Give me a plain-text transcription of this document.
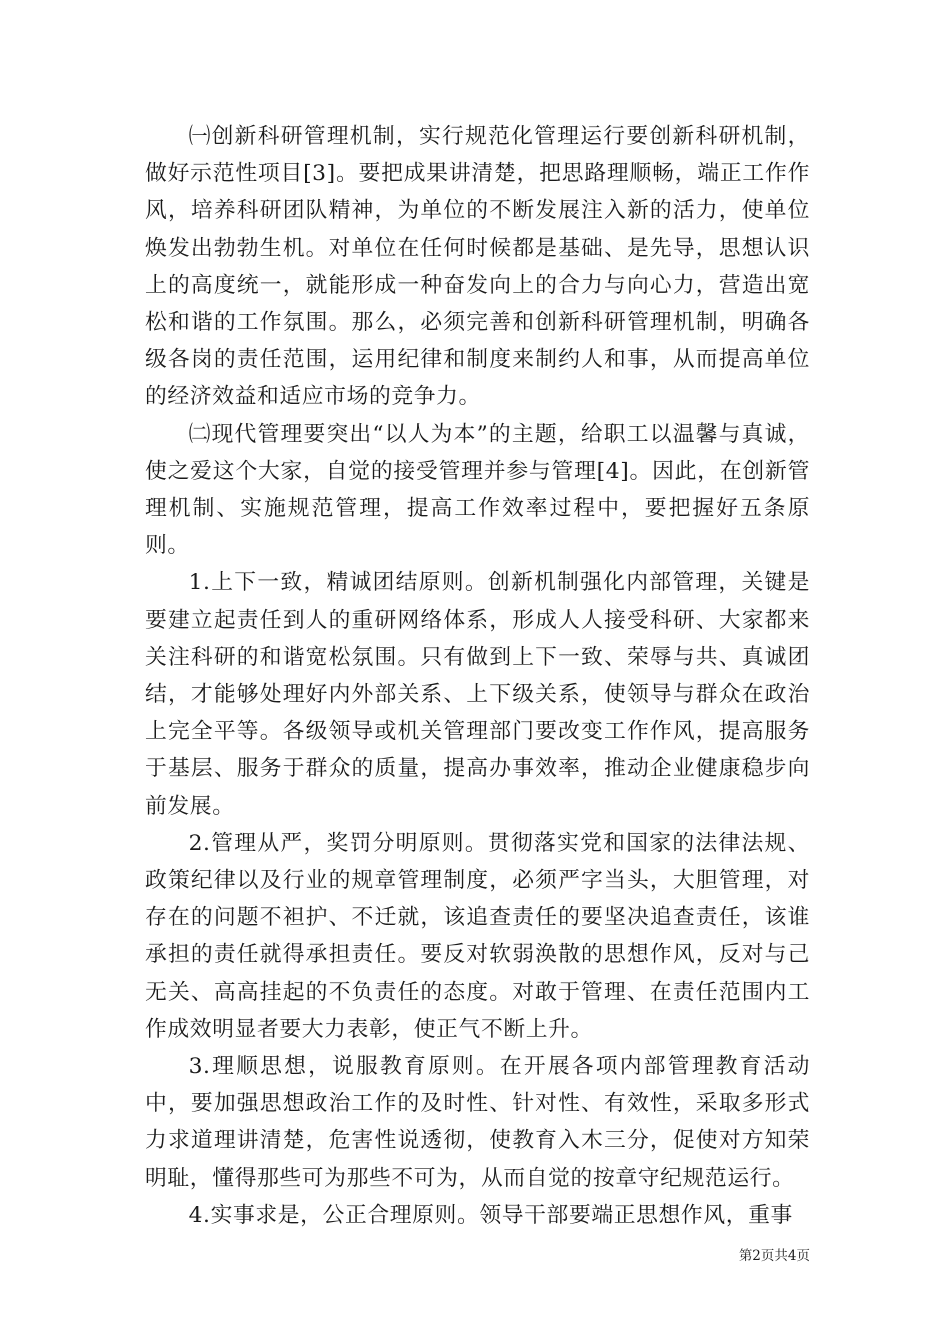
㈠创新科研管理机制，实行规范化管理运行要创新科研机制，做好示范性项目[3]。要把成果讲清楚，把思路理顺畅，端正工作作风，培养科研团队精神，为单位的不断发展注入新的活力，使单位焕发出勃勃生机。对单位在任何时候都是基础、是先导，思想认识上的高度统一，就能形成一种奋发向上的合力与向心力，营造出宽松和谐的工作氛围。那么，必须完善和创新科研管理机制，明确各级各岗的责任范围，运用纪律和制度来制约人和事，从而提高单位的经济效益和适应市场的竞争力。

㈡现代管理要突出“以人为本”的主题，给职工以温馨与真诚，使之爱这个大家，自觉的接受管理并参与管理[4]。因此，在创新管理机制、实施规范管理，提高工作效率过程中，要把握好五条原则。

1.上下一致，精诚团结原则。创新机制强化内部管理，关键是要建立起责任到人的重研网络体系，形成人人接受科研、大家都来关注科研的和谐宽松氛围。只有做到上下一致、荣辱与共、真诚团结，才能够处理好内外部关系、上下级关系，使领导与群众在政治上完全平等。各级领导或机关管理部门要改变工作作风，提高服务于基层、服务于群众的质量，提高办事效率，推动企业健康稳步向前发展。

2.管理从严，奖罚分明原则。贯彻落实党和国家的法律法规、政策纪律以及行业的规章管理制度，必须严字当头，大胆管理，对存在的问题不袒护、不迁就，该追查责任的要坚决追查责任，该谁承担的责任就得承担责任。要反对软弱涣散的思想作风，反对与己无关、高高挂起的不负责任的态度。对敢于管理、在责任范围内工作成效明显者要大力表彰，使正气不断上升。

3.理顺思想，说服教育原则。在开展各项内部管理教育活动中，要加强思想政治工作的及时性、针对性、有效性，采取多形式力求道理讲清楚，危害性说透彻，使教育入木三分，促使对方知荣明耻，懂得那些可为那些不可为，从而自觉的按章守纪规范运行。

4.实事求是，公正合理原则。领导干部要端正思想作风，重事

第2页共4页
